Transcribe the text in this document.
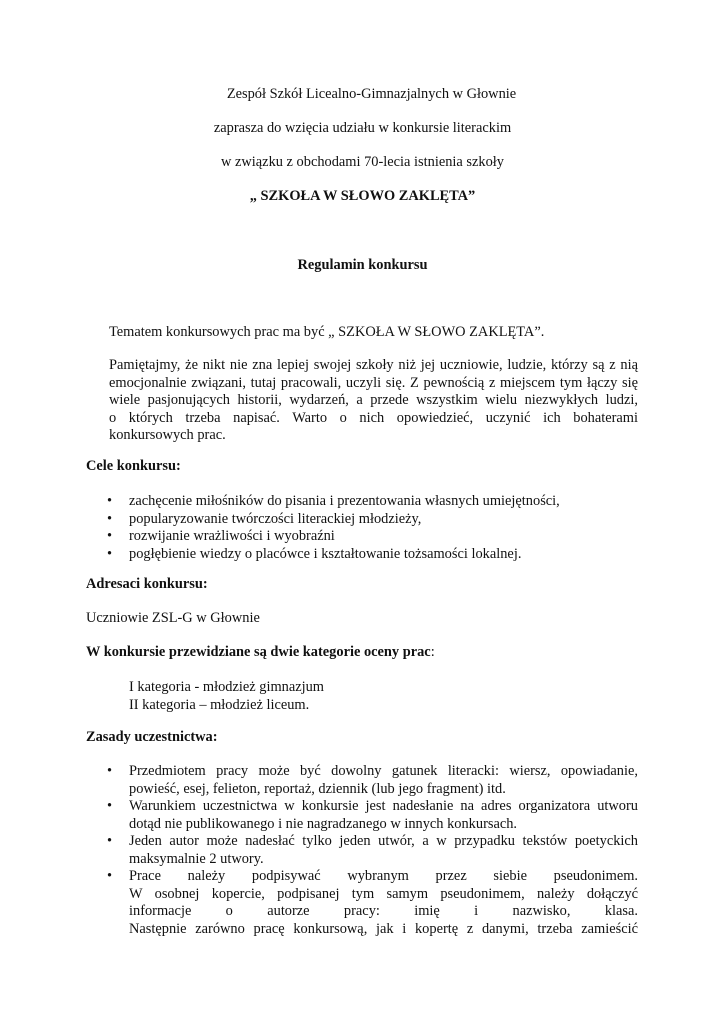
Zespół Szkół Licealno-Gimnazjalnych w Głownie
zaprasza do wzięcia udziału w konkursie literackim
w związku z obchodami 70-lecia istnienia szkoły
„ SZKOŁA W SŁOWO ZAKLĘTA”
Regulamin konkursu
Tematem konkursowych prac ma być „ SZKOŁA W SŁOWO ZAKLĘTA”.
Pamiętajmy, że nikt nie zna lepiej swojej szkoły niż jej uczniowie, ludzie, którzy są z nią
emocjonalnie związani, tutaj pracowali, uczyli się. Z pewnością z miejscem tym łączy się
wiele pasjonujących historii, wydarzeń, a przede wszystkim wielu niezwykłych ludzi,
o których trzeba napisać. Warto o nich opowiedzieć, uczynić ich bohaterami
konkursowych prac.
Cele konkursu:
• zachęcenie miłośników do pisania i prezentowania własnych umiejętności,
• popularyzowanie twórczości literackiej młodzieży,
• rozwijanie wrażliwości i wyobraźni
• pogłębienie wiedzy o placówce i kształtowanie tożsamości lokalnej.
Adresaci konkursu:
Uczniowie ZSL-G w Głownie
W konkursie przewidziane są dwie kategorie oceny prac:
I kategoria - młodzież gimnazjum
II kategoria – młodzież liceum.
Zasady uczestnictwa:
• Przedmiotem pracy może być dowolny gatunek literacki: wiersz, opowiadanie,
powieść, esej, felieton, reportaż, dziennik (lub jego fragment) itd.
• Warunkiem uczestnictwa w konkursie jest nadesłanie na adres organizatora utworu
dotąd nie publikowanego i nie nagradzanego w innych konkursach.
• Jeden autor może nadesłać tylko jeden utwór, a w przypadku tekstów poetyckich
maksymalnie 2 utwory.
• Prace należy podpisywać wybranym przez siebie pseudonimem.
W osobnej kopercie, podpisanej tym samym pseudonimem, należy dołączyć
informacje o autorze pracy: imię i nazwisko, klasa.
Następnie zarówno pracę konkursową, jak i kopertę z danymi, trzeba zamieścić
